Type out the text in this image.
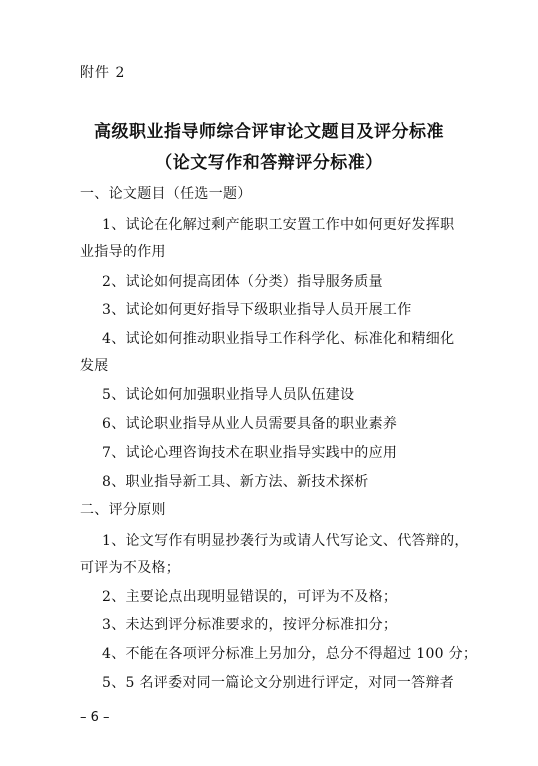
附件 2
高级职业指导师综合评审论文题目及评分标准
（论文写作和答辩评分标准）
一、论文题目（任选一题）
1、试论在化解过剩产能职工安置工作中如何更好发挥职
业指导的作用
2、试论如何提高团体（分类）指导服务质量
3、试论如何更好指导下级职业指导人员开展工作
4、试论如何推动职业指导工作科学化、标准化和精细化
发展
5、试论如何加强职业指导人员队伍建设
6、试论职业指导从业人员需要具备的职业素养
7、试论心理咨询技术在职业指导实践中的应用
8、职业指导新工具、新方法、新技术探析
二、评分原则
1、论文写作有明显抄袭行为或请人代写论文、代答辩的，
可评为不及格；
2、主要论点出现明显错误的，可评为不及格；
3、未达到评分标准要求的，按评分标准扣分；
4、不能在各项评分标准上另加分，总分不得超过 100 分；
5、5 名评委对同一篇论文分别进行评定，对同一答辩者
– 6 –
